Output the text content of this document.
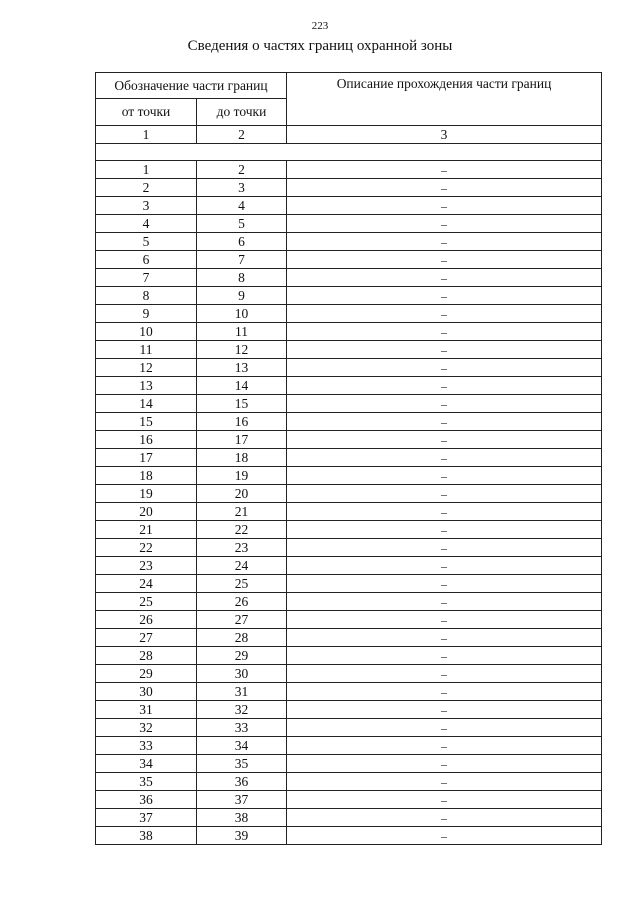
223
Сведения о частях границ охранной зоны
Обозначение части границ		Описание прохождения части границ
от точки	до точки	
1	2	3

1	2	–
2	3	–
3	4	–
4	5	–
5	6	–
6	7	–
7	8	–
8	9	–
9	10	–
10	11	–
11	12	–
12	13	–
13	14	–
14	15	–
15	16	–
16	17	–
17	18	–
18	19	–
19	20	–
20	21	–
21	22	–
22	23	–
23	24	–
24	25	–
25	26	–
26	27	–
27	28	–
28	29	–
29	30	–
30	31	–
31	32	–
32	33	–
33	34	–
34	35	–
35	36	–
36	37	–
37	38	–
38	39	–
